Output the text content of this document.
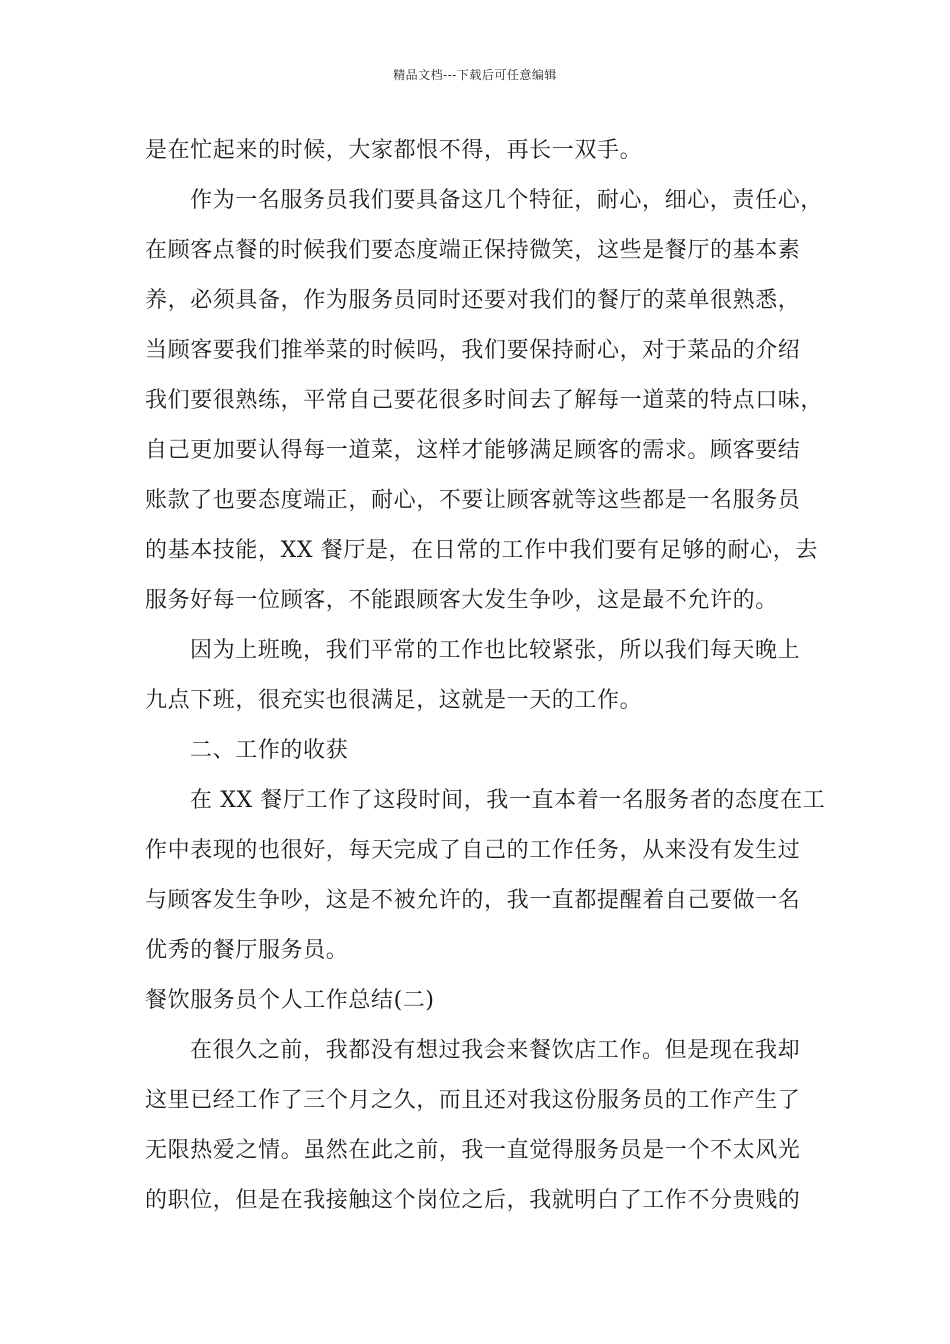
精品文档---下载后可任意编辑
是在忙起来的时候，大家都恨不得，再长一双手。
作为一名服务员我们要具备这几个特征，耐心，细心，责任心，
在顾客点餐的时候我们要态度端正保持微笑，这些是餐厅的基本素
养，必须具备，作为服务员同时还要对我们的餐厅的菜单很熟悉，
当顾客要我们推举菜的时候吗，我们要保持耐心，对于菜品的介绍
我们要很熟练，平常自己要花很多时间去了解每一道菜的特点口味，
自己更加要认得每一道菜，这样才能够满足顾客的需求。顾客要结
账款了也要态度端正，耐心，不要让顾客就等这些都是一名服务员
的基本技能，XX 餐厅是，在日常的工作中我们要有足够的耐心，去
服务好每一位顾客，不能跟顾客大发生争吵，这是最不允许的。
因为上班晚，我们平常的工作也比较紧张，所以我们每天晚上
九点下班，很充实也很满足，这就是一天的工作。
二、工作的收获
在 XX 餐厅工作了这段时间，我一直本着一名服务者的态度在工
作中表现的也很好，每天完成了自己的工作任务，从来没有发生过
与顾客发生争吵，这是不被允许的，我一直都提醒着自己要做一名
优秀的餐厅服务员。
餐饮服务员个人工作总结(二)
在很久之前，我都没有想过我会来餐饮店工作。但是现在我却
这里已经工作了三个月之久，而且还对我这份服务员的工作产生了
无限热爱之情。虽然在此之前，我一直觉得服务员是一个不太风光
的职位，但是在我接触这个岗位之后，我就明白了工作不分贵贱的
